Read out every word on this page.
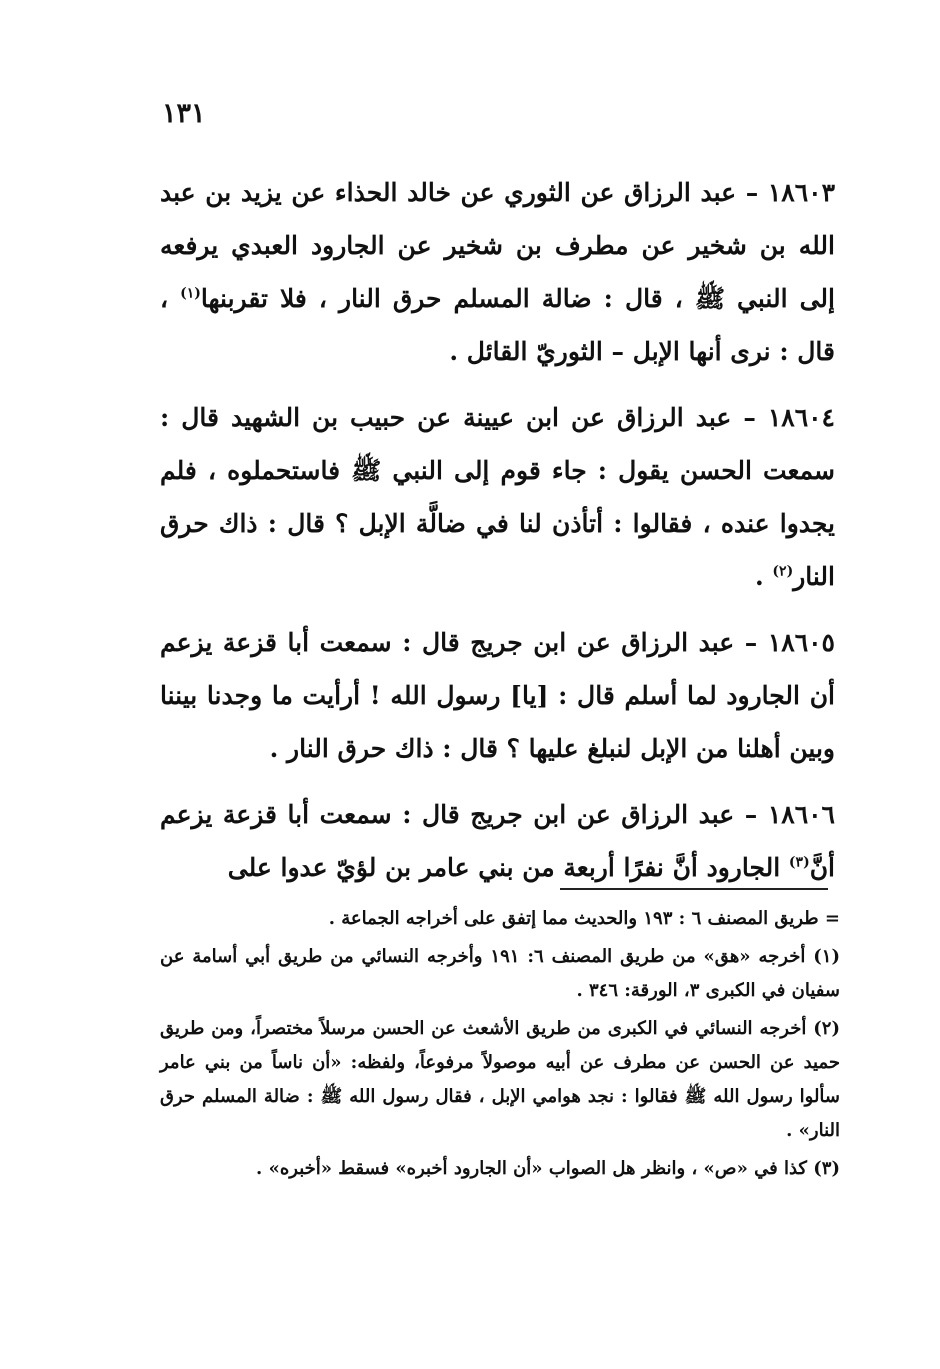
١٣١

١٨٦٠٣ – عبد الرزاق عن الثوري عن خالد الحذاء عن يزيد بن عبد الله بن شخير عن مطرف بن شخير عن الجارود العبدي يرفعه إلى النبي ﷺ ، قال : ضالة المسلم حرق النار ، فلا تقربنها$^{(١)}$ ، قال : نرى أنها الإبل – الثوريّ القائل .

١٨٦٠٤ – عبد الرزاق عن ابن عيينة عن حبيب بن الشهيد قال : سمعت الحسن يقول : جاء قوم إلى النبي ﷺ فاستحملوه ، فلم يجدوا عنده ، فقالوا : أتأذن لنا في ضالَّة الإبل ؟ قال : ذاك حرق النار$^{(٢)}$ .

١٨٦٠٥ – عبد الرزاق عن ابن جريج قال : سمعت أبا قزعة يزعم أن الجارود لما أسلم قال : [يا] رسول الله ! أرأيت ما وجدنا بيننا وبين أهلنا من الإبل لنبلغ عليها ؟ قال : ذاك حرق النار .

١٨٦٠٦ – عبد الرزاق عن ابن جريج قال : سمعت أبا قزعة يزعم أنَّ$^{(٣)}$ الجارود أنَّ نفرًا أربعة من بني عامر بن لؤيّ عدوا على

= طريق المصنف ٦ : ١٩٣ والحديث مما إتفق على أخراجه الجماعة .

(١) أخرجه «هق» من طريق المصنف ٦: ١٩١ وأخرجه النسائي من طريق أبي أسامة عن سفيان في الكبرى ٣، الورقة: ٣٤٦ .

(٢) أخرجه النسائي في الكبرى من طريق الأشعث عن الحسن مرسلاً مختصراً، ومن طريق حميد عن الحسن عن مطرف عن أبيه موصولاً مرفوعاً، ولفظه: «أن ناساً من بني عامر سألوا رسول الله ﷺ فقالوا : نجد هوامي الإبل ، فقال رسول الله ﷺ : ضالة المسلم حرق النار» .

(٣) كذا في «ص» ، وانظر هل الصواب «أن الجارود أخبره» فسقط «أخبره» .
